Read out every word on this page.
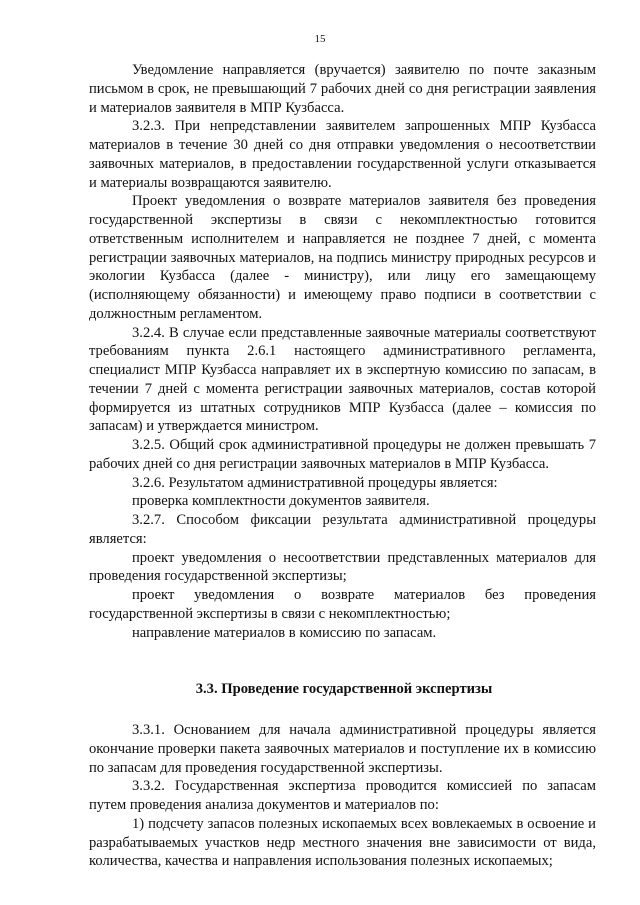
15

Уведомление направляется (вручается) заявителю по почте заказным письмом в срок, не превышающий 7 рабочих дней со дня регистрации заявления и материалов заявителя в МПР Кузбасса.

3.2.3. При непредставлении заявителем запрошенных МПР Кузбасса материалов в течение 30 дней со дня отправки уведомления о несоответствии заявочных материалов, в предоставлении государственной услуги отказывается и материалы возвращаются заявителю.

Проект уведомления о возврате материалов заявителя без проведения государственной экспертизы в связи с некомплектностью готовится ответственным исполнителем и направляется не позднее 7 дней, с момента регистрации заявочных материалов, на подпись министру природных ресурсов и экологии Кузбасса (далее - министру), или лицу его замещающему (исполняющему обязанности) и имеющему право подписи в соответствии с должностным регламентом.

3.2.4. В случае если представленные заявочные материалы соответствуют требованиям пункта 2.6.1 настоящего административного регламента, специалист МПР Кузбасса направляет их в экспертную комиссию по запасам, в течении 7 дней с момента регистрации заявочных материалов, состав которой формируется из штатных сотрудников МПР Кузбасса (далее – комиссия по запасам) и утверждается министром.

3.2.5. Общий срок административной процедуры не должен превышать 7 рабочих дней со дня регистрации заявочных материалов в МПР Кузбасса.

3.2.6. Результатом административной процедуры является:

проверка комплектности документов заявителя.

3.2.7. Способом фиксации результата административной процедуры является:

проект уведомления о несоответствии представленных материалов для проведения государственной экспертизы;

проект уведомления о возврате материалов без проведения государственной экспертизы в связи с некомплектностью;

направление материалов в комиссию по запасам.

3.3. Проведение государственной экспертизы

3.3.1. Основанием для начала административной процедуры является окончание проверки пакета заявочных материалов и поступление их в комиссию по запасам для проведения государственной экспертизы.

3.3.2. Государственная экспертиза проводится комиссией по запасам путем проведения анализа документов и материалов по:

1) подсчету запасов полезных ископаемых всех вовлекаемых в освоение и разрабатываемых участков недр местного значения вне зависимости от вида, количества, качества и направления использования полезных ископаемых;
